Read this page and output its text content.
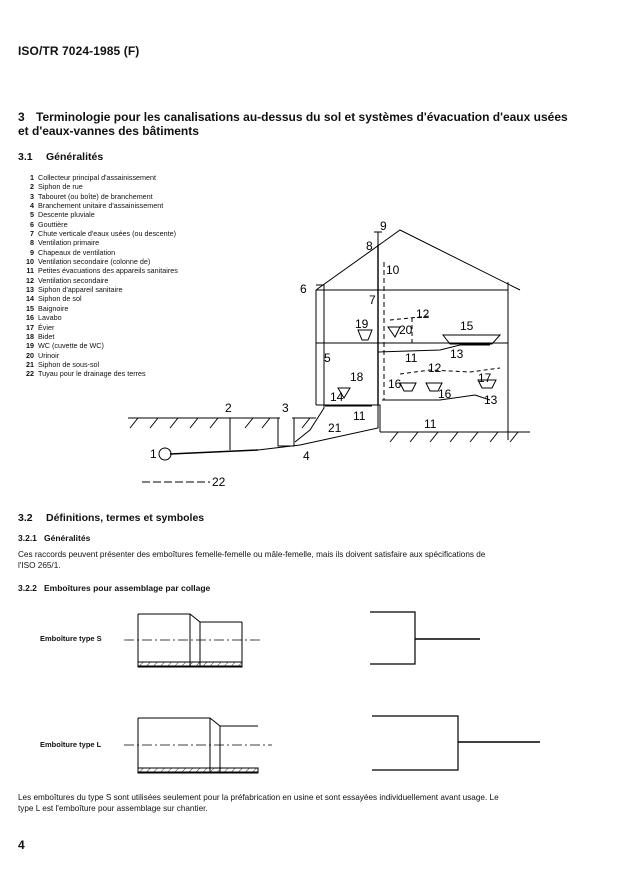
ISO/TR 7024-1985 (F)
3 Terminologie pour les canalisations au-dessus du sol et systèmes d'évacuation d'eaux usées
et d'eaux-vannes des bâtiments
3.1 Généralités
1 Collecteur principal d'assainissement
2 Siphon de rue
3 Tabouret (ou boîte) de branchement
4 Branchement unitaire d'assainissement
5 Descente pluviale
6 Gouttière
7 Chute verticale d'eaux usées (ou descente)
8 Ventilation primaire
9 Chapeaux de ventilation
10 Ventilation secondaire (colonne de)
11 Petites évacuations des appareils sanitaires
12 Ventilation secondaire
13 Siphon d'appareil sanitaire
14 Siphon de sol
15 Baignoire
16 Lavabo
17 Évier
18 Bidet
19 WC (cuvette de WC)
20 Urinoir
21 Siphon de sous-sol
22 Tuyau pour le drainage des terres
1
2	3
4
5
6
7
8
9
10
11
11
11
12
12
13
13
14
15
16
16
17
18
19	20
21
22
3.2 Définitions, termes et symboles
3.2.1 Généralités
Ces raccords peuvent présenter des emboîtures femelle-femelle ou mâle-femelle, mais ils doivent satisfaire aux spécifications de
l'ISO 265/1.
3.2.2 Emboîtures pour assemblage par collage
Emboîture type S
Emboîture type L
Les emboîtures du type S sont utilisées seulement pour la préfabrication en usine et sont essayées individuellement avant usage. Le
type L est l'emboîture pour assemblage sur chantier.
4
